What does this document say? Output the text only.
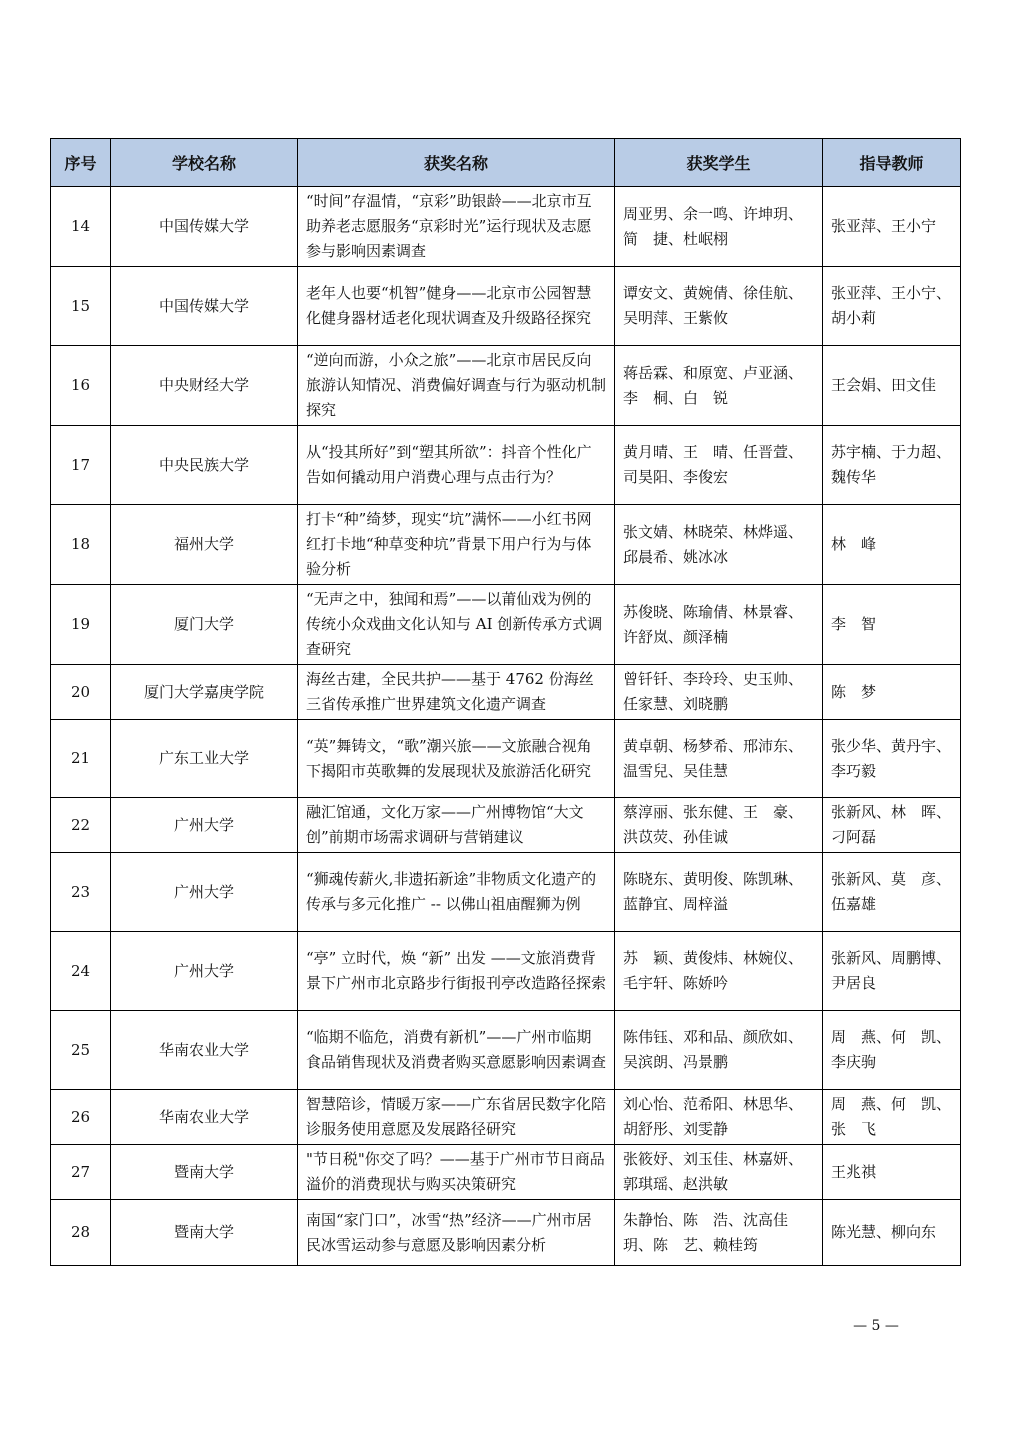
序号	学校名称	获奖名称	获奖学生	指导教师
14	中国传媒大学	“时间”存温情，“京彩”助银龄——北京市互助养老志愿服务“京彩时光”运行现状及志愿参与影响因素调查	周亚男、余一鸣、许坤玥、简　捷、杜岷栩	张亚萍、王小宁
15	中国传媒大学	老年人也要“机智”健身——北京市公园智慧化健身器材适老化现状调查及升级路径探究	谭安文、黄婉倩、徐佳航、吴明萍、王紫攸	张亚萍、王小宁、胡小莉
16	中央财经大学	“逆向而游，小众之旅”——北京市居民反向旅游认知情况、消费偏好调查与行为驱动机制探究	蒋岳霖、和原宽、卢亚涵、李　桐、白　锐	王会娟、田文佳
17	中央民族大学	从“投其所好”到“塑其所欲”：抖音个性化广告如何撬动用户消费心理与点击行为？	黄月晴、王　晴、任晋萱、司昊阳、李俊宏	苏宇楠、于力超、魏传华
18	福州大学	打卡“种”绮梦，现实“坑”满怀——小红书网红打卡地“种草变种坑”背景下用户行为与体验分析	张文婧、林晓荣、林烨遥、邱晨希、姚冰冰	林　峰
19	厦门大学	“无声之中，独闻和焉”——以莆仙戏为例的传统小众戏曲文化认知与 AI 创新传承方式调查研究	苏俊晓、陈瑜倩、林景睿、许舒岚、颜泽楠	李　智
20	厦门大学嘉庚学院	海丝古建，全民共护——基于 4762 份海丝三省传承推广世界建筑文化遗产调查	曾钎钎、李玲玲、史玉帅、任家慧、刘晓鹏	陈　梦
21	广东工业大学	“英”舞铸文，“歌”潮兴旅——文旅融合视角下揭阳市英歌舞的发展现状及旅游活化研究	黄卓朝、杨梦希、邢沛东、温雪兒、吴佳慧	张少华、黄丹宇、李巧毅
22	广州大学	融汇馆通，文化万家——广州博物馆“大文创”前期市场需求调研与营销建议	蔡淳丽、张东健、王　豪、洪苡荧、孙佳诚	张新风、林　晖、刁阿磊
23	广州大学	“狮魂传薪火,非遗拓新途”非物质文化遗产的传承与多元化推广 -- 以佛山祖庙醒狮为例	陈晓东、黄明俊、陈凯琳、蓝静宜、周梓溢	张新风、莫　彦、伍嘉雄
24	广州大学	“亭” 立时代，焕 “新” 出发 ——文旅消费背景下广州市北京路步行街报刊亭改造路径探索	苏　颖、黄俊炜、林婉仪、毛宇轩、陈娇吟	张新风、周鹏博、尹居良
25	华南农业大学	“临期不临危，消费有新机”——广州市临期食品销售现状及消费者购买意愿影响因素调查	陈伟钰、邓和品、颜欣如、吴滨朗、冯景鹏	周　燕、何　凯、李庆驹
26	华南农业大学	智慧陪诊，情暖万家——广东省居民数字化陪诊服务使用意愿及发展路径研究	刘心怡、范希阳、林思华、胡舒彤、刘雯静	周　燕、何　凯、张　飞
27	暨南大学	"节日税"你交了吗？——基于广州市节日商品溢价的消费现状与购买决策研究	张筱妤、刘玉佳、林嘉妍、郭琪瑶、赵洪敏	王兆祺
28	暨南大学	南国“家门口”，冰雪“热”经济——广州市居民冰雪运动参与意愿及影响因素分析	朱静怡、陈　浩、沈高佳玥、陈　艺、赖桂筠	陈光慧、柳向东
— 5 —
